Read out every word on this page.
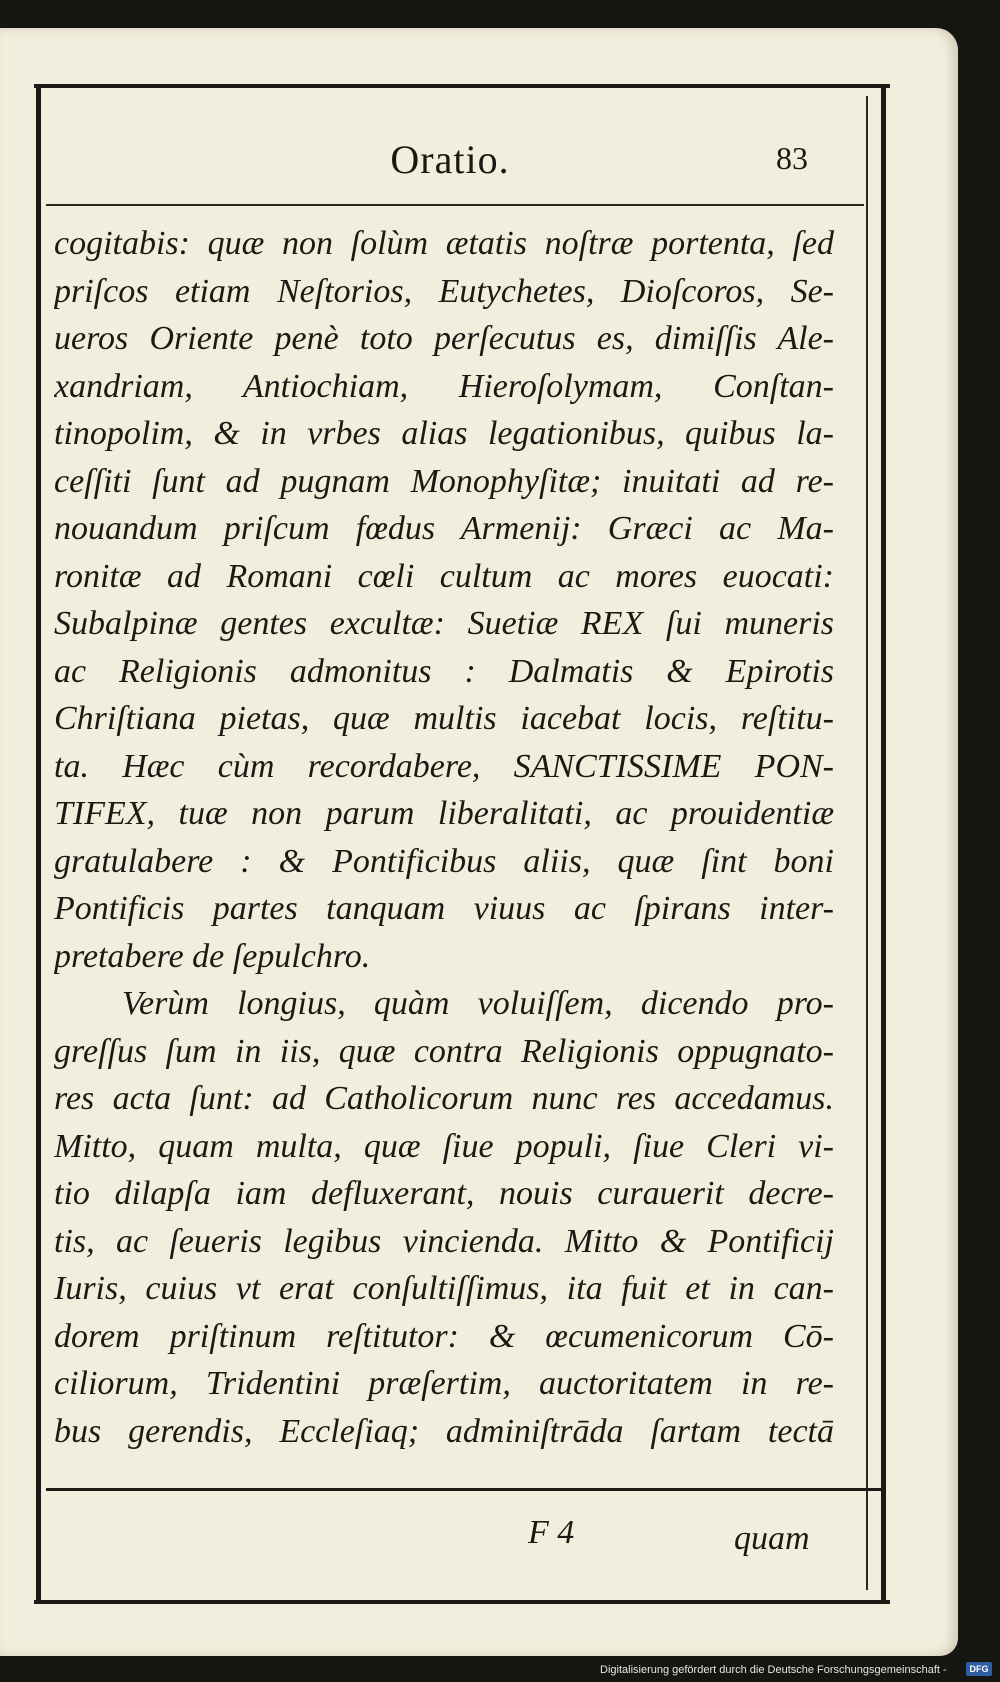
Oratio.	83
cogitabis: quæ non ſolùm ætatis noſtræ portenta, ſed
priſcos etiam Neſtorios, Eutychetes, Dioſcoros, Se-
ueros Oriente penè toto perſecutus es, dimiſſis Ale-
xandriam, Antiochiam, Hieroſolymam, Conſtan-
tinopolim, & in vrbes alias legationibus, quibus la-
ceſſiti ſunt ad pugnam Monophyſitæ; inuitati ad re-
nouandum priſcum fœdus Armenij: Græci ac Ma-
ronitæ ad Romani cœli cultum ac mores euocati:
Subalpinæ gentes excultæ: Suetiæ REX ſui muneris
ac Religionis admonitus : Dalmatis & Epirotis
Chriſtiana pietas, quæ multis iacebat locis, reſtitu-
ta. Hæc cùm recordabere, SANCTISSIME PON-
TIFEX, tuæ non parum liberalitati, ac prouidentiæ
gratulabere : & Pontificibus aliis, quæ ſint boni
Pontificis partes tanquam viuus ac ſpirans inter-
pretabere de ſepulchro.
Verùm longius, quàm voluiſſem, dicendo pro-
greſſus ſum in iis, quæ contra Religionis oppugnato-
res acta ſunt: ad Catholicorum nunc res accedamus.
Mitto, quam multa, quæ ſiue populi, ſiue Cleri vi-
tio dilapſa iam defluxerant, nouis curauerit decre-
tis, ac ſeueris legibus vincienda. Mitto & Pontificij
Iuris, cuius vt erat conſultiſſimus, ita fuit et in can-
dorem priſtinum reſtitutor: & œcumenicorum Cō-
ciliorum, Tridentini præſertim, auctoritatem in re-
bus gerendis, Eccleſiaq; adminiſtrāda ſartam tectā
F 4	quam
Digitalisierung gefördert durch die Deutsche Forschungsgemeinschaft -	DFG
